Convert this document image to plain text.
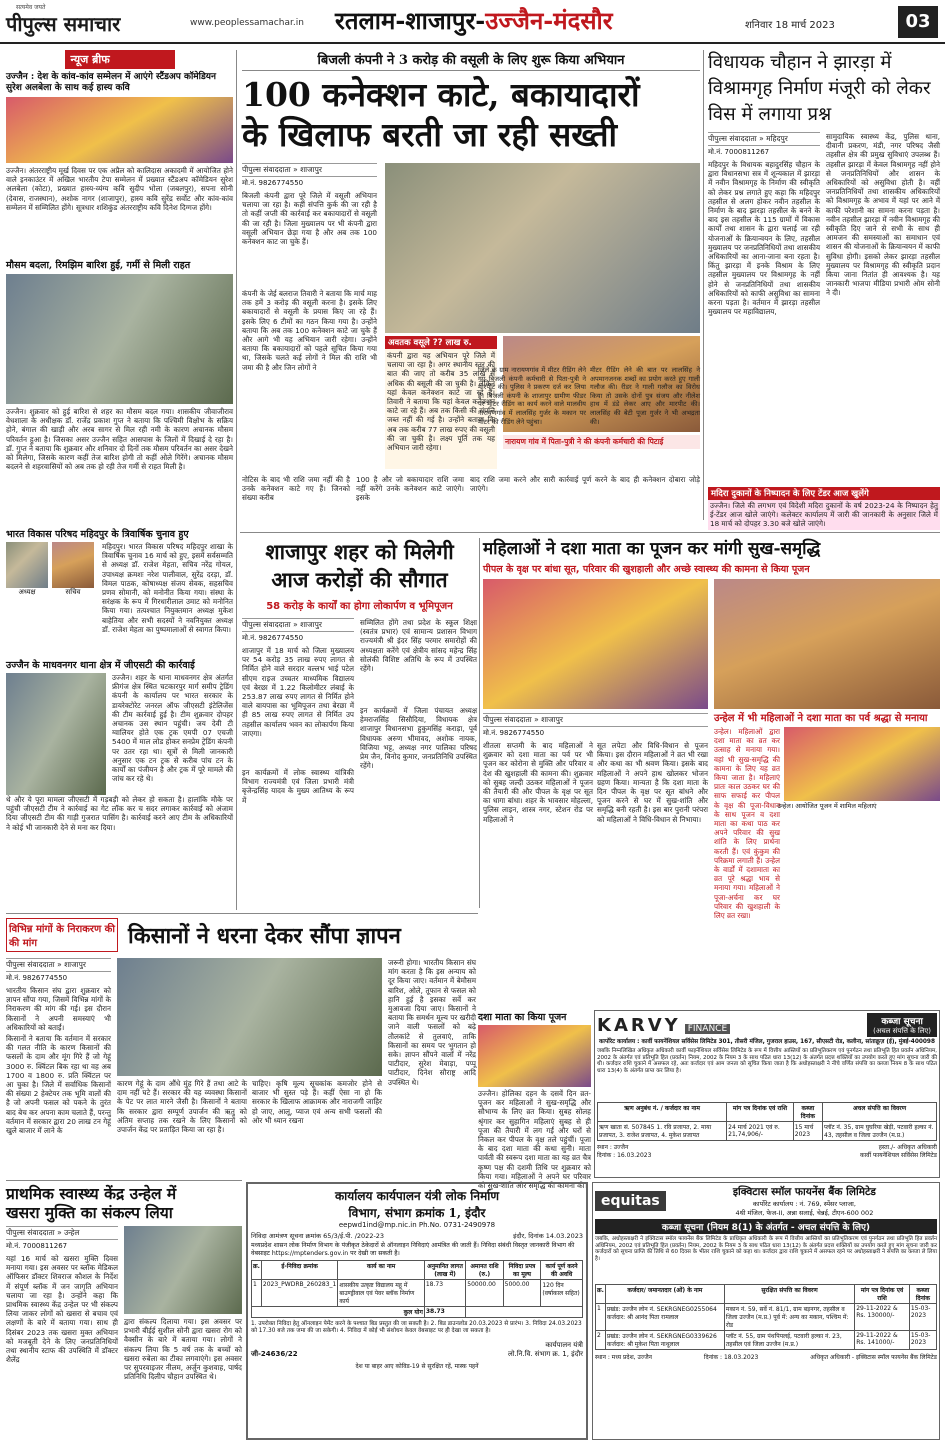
सत्यमेव जयते
पीपुल्स समाचार	www.peoplessamachar.in रतलाम-शाजापुर-उज्जैन-मंदसौर	शनिवार 18 मार्च 2023	03
न्यूज ब्रीफ
उज्जैन : देश के कांव-कांव सम्मेलन में आएंगे स्टैंडअप कॉमेडियन सुरेश अलबेला के साथ कई हास्य कवि
उज्जैन। अंतरराष्ट्रीय मूर्ख दिवस पर एक अप्रैल को कालिदास अकादमी में आयोजित होने वाले इनकाउंटर में अखिल भारतीय टेपा सम्मेलन में प्रख्यात स्टैंडअप कॉमेडियन सुरेश अलबेला (कोटा), प्रख्यात हास्य-व्यंग्य कवि सुदीप भोला (जबलपुर), सपना सोनी (देवास, राजस्थान), अशोक नागर (शाजापुर), हास्य कवि सुरेंद्र सर्वोट और कांव-कांव सम्मेलन में सम्मिलित होंगे। सूत्रधार शशिकुंड अंतरराष्ट्रीय कवि दिनेश दिग्गज होंगे।
मौसम बदला, रिमझिम बारिश हुई, गर्मी से मिली राहत
उज्जैन। शुक्रवार को हुई बारिश से शहर का मौसम बदल गया। शासकीय जीवाजीराव वेधशाला के अधीक्षक डॉ. राजेंद्र प्रकाश गुप्त ने बताया कि पश्चिमी विक्षोभ के सक्रिय होने, बंगाल की खाड़ी और अरब सागर से मिल रही नमी के कारण अचानक मौसम परिवर्तन हुआ है। जिसका असर उज्जैन सहित आसपास के जिलों में दिखाई दे रहा है। डॉ. गुप्त ने बताया कि शुक्रवार और शनिवार दो दिनों तक मौसम परिवर्तन का असर देखने को मिलेगा, जिसके कारण कहीं तेज बारिश होगी तो कहीं ओले गिरेंगे। अचानक मौसम बदलने से शहरवासियों को अब तक हो रही तेज गर्मी से राहत मिली है।
भारत विकास परिषद महिदपुर के त्रिवार्षिक चुनाव हुए
अध्यक्ष	सचिव
महिदपुर। भारत विकास परिषद महिदपुर शाखा के त्रिवार्षिक चुनाव 16 मार्च को हुए, इसमें सर्वसम्मति से अध्यक्ष डॉ. राजेश मेहता, सचिव नरेंद्र गोयल, उपाध्यक्ष क्रमशः नरेश पालीवाल, सुरेंद्र दरड़ा, डॉ. विमल पाठक, कोषाध्यक्ष संजय सेवक, सहसचिव प्रणव सोमानी, को मनोनीत किया गया। संस्था के सरंक्षक के रूप में गिरधारीलाल उमाट को मनोनित किया गया। तत्पश्चात नियुक्तमान अध्यक्ष मुकेश बाहेतिया और सभी सदस्यों ने नवनियुक्त अध्यक्ष डॉ. राजेश मेहता का पुष्पमालाओं से स्वागत किया।
उज्जैन के माधवनगर थाना क्षेत्र में जीएसटी की कार्रवाई
उज्जैन। शहर के थाना माधवनगर क्षेत्र अंतर्गत फ्रीगंज क्षेत्र स्थित चटकारपुर मार्ग समीप ट्रेडिंग कंपनी के कार्यालय पर भारत सरकार के डायरेक्टोरेट जनरल ऑफ जीएसटी इंटेलिजेंस की टीम कार्रवाई हुई है। टीम शुक्रवार दोपहर अचानक उस स्थान पहुंची। जय देवी टी ग्वालियर होते एक ट्रक एमपी 07 एचजी 5400 में माल लोड होकर सनप्रेम ट्रेडिंग कंपनी पर उतर रहा था। सूत्रों से मिली जानकारी अनुसार एक टन ट्रक से करीब पांच टन के कार्यों का पंजीयन है और ट्रक में पूरे मामले की जांच कर रहे थे।
थे और ये पूरा मामला जीएसटी में गड़बड़ी को लेकर हो सकता है। हालांकि मौके पर पहुंची जीएसटी टीम ने कार्रवाई का गेट लॉक कर च सदर लगाकर कार्रवाई को अंजाम दिया जीएसटी टीम की गाड़ी गुजरात पासिंग है। कार्रवाई करने आए टीम के अधिकारियों ने कोई भी जानकारी देने से मना कर दिया।
बिजली कंपनी ने 3 करोड़ की वसूली के लिए शुरू किया अभियान
100 कनेक्शन काटे, बकायादारों
के खिलाफ बरती जा रही सख्ती
पीपुल्स संवाददाता » शाजापुर
मो.नं. 9826774550
बिजली कंपनी द्वारा पूरे जिले में वसूली अभियान चलाया जा रहा है। कहीं संपत्ति कुर्क की जा रही है तो कहीं जप्ती की कार्रवाई कर बकायादारों से वसूली की जा रही है। जिला मुख्यालय पर भी कंपनी द्वारा वसूली अभियान छेड़ा गया है और अब तक 100 कनेक्शन काट जा चुके हैं।
कंपनी के जेई बलराज तिवारी ने बताया कि मार्च माह तक हमें 3 करोड़ की वसूली करना है। इसके लिए बकायादारों से वसूली के प्रयास किए जा रहे हैं। इसके लिए 6 टीमों का गठन किया गया है। उन्होंने बताया कि अब तक 100 कनेक्शन काटे जा चुके हैं और आगे भी यह अभियान जारी रहेगा। उन्होंने बताया कि बकायादारों को पहले सूचित किया गया था, जिसके चलते कई लोगों ने मिल की राशि भी जमा की है और जिन लोगों ने
अवतक वसूले ?? लाख रु.
कंपनी द्वारा यह अभियान पूरे जिले में चलाया जा रहा है। अगर स्थानीय स्तर की बात की जाए तो करीब 35 लाख से अधिक की बसूली की जा चुकी है। लेकिन यहां केवल कनेक्शन काटे जा रहे हैं। तिवारी ने बताया कि यहां केवल कनेक्शन काटे जा रहे हैं। अब तक किसी की संपत्ति जब्त नहीं की गई है। उन्होंने बताया कि अब तक करीब 77 लाख रुपए की वसूली की जा चुकी है। लक्ष्य पूर्ति तक यह अभियान जारी रहेगा।
नारायण गांव में पिता-पुत्री ने की कंपनी कर्मचारी की पिटाई
नोटिस के बाद भी राशि जमा नहीं की है उनके कनेक्शन काटे गए हैं। जिनको संख्या करीब
100 है और जो बकायादार राशि जमा नहीं करेंगे उनके कनेक्शन काटे जाएंगे। इसके
बाद राशि जमा करने और सारी कार्रवाई पूर्ण करने के बाद ही कनेक्शन दोबारा जोड़े जाएंगे।
जिले के ग्राम नारायणगांव में मीटर रीडिंग लेने गए बिजली कंपनी कर्मचारी से पिता-पुत्री ने मारपीट की। पुलिस ने प्रकरण दर्ज कर लिया है। बिजली कंपनी के शाजापुर ग्रामीण फीडर पर मीटर रीडिंग का कार्य करने वाले मालवीय नारायणगांव में लालसिंह गुर्जर के मकान पर मीटर की रीडिंग लेने पहुंचा।
मीटर रीडिंग लेने की बात पर लालसिंह ने अपमानजनक शब्दों का प्रयोग करते हुए गाली गलौज की। रीडर ने गाली गलौज का विरोध किया तो उसके दोनों पुत्र संजय और नीलेश हाथ में डंडे लेकर आए और मारपीट की। लालसिंह की बेटी पूजा गुर्जर ने भी अभद्रता की।
विधायक चौहान ने झारड़ा में विश्रामगृह निर्माण मंजूरी को लेकर विस में लगाया प्रश्न
पीपुल्स संवाददाता » महिदपुर
मो.नं. 7000811267
महिदपुर के विधायक बहादुरसिंह चौहान के द्वारा विधानसभा सत्र में शून्यकाल में झारड़ा में नवीन विश्रामगृह के निर्माण की स्वीकृति को लेकर प्रश्न लगाते हुए कहा कि महिदपुर तहसील से अलग होकर नवीन तहसील के निर्माण के बाद झारड़ा तहसील के बनने के बाद इस तहसील के 115 ग्रामों में विकास कार्यों तथा शासन के द्वारा चलाई जा रही योजनाओं के क्रियान्वयन के लिए, तहसील मुख्यालय पर जनप्रतिनिधियों तथा शासकीय अधिकारियों का आना-जाना बना रहता है। किंतु झारड़ा में इनके विश्राम के लिए तहसील मुख्यालय पर विश्रामगृह के नहीं होने से जनप्रतिनिधियों तथा शासकीय अधिकारियों को काफी असुविधा का सामना करना पड़ता है। वर्तमान में झारड़ा तहसील मुख्यालय पर महाविद्यालय,
सामुदायिक स्वास्थ्य केंद्र, पुलिस थाना, दीवानी प्रकरण, मंडी, नगर परिषद जैसी तहसील क्षेत्र की प्रमुख सुविधाएं उपलब्ध हैं। तहसील झारड़ा में केवल विश्रामगृह नहीं होने से जनप्रतिनिधियों और शासन के अधिकारियों को असुविधा होती है। वहीं जनप्रतिनिधियों तथा शासकीय अधिकारियों को विश्रामगृह के अभाव में यहां पर आने में काफी परेशानी का सामना करना पड़ता है। नवीन तहसील झारड़ा में नवीन विश्रामगृह की स्वीकृति दिए जाने से सभी के साथ ही आमजन की समस्याओं का समाधान एवं शासन की योजनाओं के क्रियान्वयन में काफी सुविधा होगी। इसको लेकर झारड़ा तहसील मुख्यालय पर विश्रामगृह की स्वीकृति प्रदान किया जाना नितांत ही आवश्यक है। यह जानकारी भाजपा मीडिया प्रभारी ओम सोनी ने दी।
मदिरा दुकानों के निष्पादन के लिए टेंडर आज खुलेंगे
उज्जैन। जिले की लगभग एवं विदेशी मदिरा दुकानों के वर्ष 2023-24 के निष्पादन हेतु ई-टेंडर आज खोले जाएंगे। कलेक्टर कार्यालय में जारी की जानकारी के अनुसार जिले में 18 मार्च को दोपहर 3.30 बजे खोले जाएंगे।
शाजापुर शहर को मिलेगी
आज करोड़ों की सौगात
58 करोड़ के कार्यों का होगा लोकार्पण व भूमिपूजन
पीपुल्स संवाददाता » शाजापुर
मो.नं. 9826774550
शाजापुर में 18 मार्च को जिला मुख्यालय पर 54 करोड़ 35 लाख रुपए लागत से निर्मित होने वाले सरदार वल्लभ भाई पटेल सीएम राइज उच्चतर माध्यमिक विद्यालय एवं बेरछा में 1.22 किलोमीटर लंबाई के 253.87 लाख रुपए लागत से निर्मित होने वाले बायपास का भूमिपूजन तथा बेरछा में ही 85 लाख रुपए लागत से निर्मित उप तहसील कार्यालय भवन का लोकार्पण किया जाएगा।
इन कार्यक्रमों में लोक स्वास्थ्य यांत्रिकी विभाग राज्यमंत्री एवं जिला प्रभारी मंत्री बृजेन्द्रसिंह यादव के मुख्य आतिथ्य के रूप में
सम्मिलित होंगे तथा प्रदेश के स्कूल शिक्षा (स्वतंत्र प्रभार) एवं सामान्य प्रशासन विभाग राज्यमंत्री श्री इंदर सिंह परमार समारोहों की अध्यक्षता करेंगे एवं क्षेत्रीय सांसद महेन्द्र सिंह सोलंकी विशिष्ट अतिथि के रूप में उपस्थित रहेंगे।
इन कार्यक्रमों में जिला पंचायत अध्यक्ष हेमराजसिंह सिसौदिया, विधायक क्षेत्र शाजापुर विधानसभा हुकुमसिंह कराड़ा, पूर्व विधायक अरुण भीमावद, अशोक नायक, विजिया भट्ट, अध्यक्ष नगर पालिका परिषद प्रेम जैन, विनोद कुमार, जनप्रतिनिधि उपस्थित रहेंगे।
महिलाओं ने दशा माता का पूजन कर मांगी सुख-समृद्धि
पीपल के वृक्ष पर बांधा सूत, परिवार की खुशहाली और अच्छे स्वास्थ्य की कामना से किया पूजन
पीपुल्स संवाददाता » शाजापुर
मो.नं. 9826774550
शीतला सप्तमी के बाद महिलाओं ने शुक्रवार को दशा माता का पर्व पर भी पूजन कर कोरोना से मुक्ति और परिवार व देश की खुशहाली की कामना की। शुक्रवार को सुबह जल्दी उठकर महिलाओं ने पूजन की तैयारी की और पीपल के वृक्ष पर सूत का धागा बांधा। शहर के भावसार मोहल्ला, पुलिस लाइन, शास्त्र नगर, स्टेशन रोड पर महिलाओं ने
सूत लपेटा और विधि-विधान से पूजन किया। इस दौरान महिलाओं ने व्रत भी रखा और कथा का भी श्रवण किया। इसके बाद महिलाओं ने अपने हाथ खोलकर भोजन ग्रहण किया। मान्यता है कि दशा माता के दिन पीपल के वृक्ष पर सूत बांधने और पूजन करने से घर में सुख-शांति और समृद्धि बनी रहती है। इस बार पुरानी परंपरा को महिलाओं ने विधि-विधान से निभाया।
उन्हेल में भी महिलाओं ने दशा माता का पर्व श्रद्धा से मनाया
उन्हेल। महिलाओं द्वारा दशा माता का व्रत कर उत्साह से मनाया गया। वहां भी सुख-समृद्धि की कामना के लिए यह व्रत किया जाता है। महिलाएं प्रातः काल उठकर घर की साफ सफाई कर पीपल के वृक्ष की पूजा-विधान के साथ पूजन व दशा माता का कथा पाठ कर अपने परिवार की सुख शांति के लिए प्रार्थना करती हैं। एवं कुंकुम की परिक्रमा लगाती हैं। उन्हेल के वार्डों में दशामाता का व्रत पूरे श्रद्धा भाव से मनाया गया। महिलाओं ने पूजा-अर्चना कर घर परिवार की खुशहाली के लिए व्रत रखा।
उन्हेल। आयोजित पूजन में शामिल महिलाएं
विभिन्न मांगों के निराकरण की की मांग	किसानों ने धरना देकर सौंपा ज्ञापन
पीपुल्स संवाददाता » शाजापुर
मो.नं. 9826774550
भारतीय किसान संघ द्वारा शुक्रवार को ज्ञापन सौंपा गया, जिसमें विभिन्न मांगों के निराकरण की मांग की गई। इस दौरान किसानों ने अपनी समस्याएं भी अधिकारियों को बताईं।
किसानों ने बताया कि वर्तमान में सरकार की गलत नीति के कारण किसानों की फसलों के दाम और मूंग गिरे हैं जो गेहूं 3000 रु. क्विंटल बिक रहा था वह अब 1700 व 1800 रु. प्रति क्विंटल पर आ चुका है। जिले में सर्वाधिक किसानों की संख्या 2 हेक्टेयर तक भूमि वालों की है जो अपनी फसल को पकने के तुरंत बाद बेच कर अपना काम चलाते हैं, परन्तु वर्तमान में सरकार द्वारा 20 लाख टन गेहूं खुले बाजार में लाने के
कारण गेहूं के दाम औंधे मुंह गिरे हैं तथा आटे के दाम नहीं घटे हैं। सरकार की यह व्यवस्था किसानों के पेट पर लात मारने जैसी है। किसानों ने बताया कि सरकार द्वारा सम्पूर्ण उपार्जन की ऋतु को अंतिम सप्ताह तक रखने के लिए किसानों को उपार्जन केंद्र पर प्रताड़ित किया जा रहा है।
चाहिए। कृषि मूल्य सूचकांक कमजोर होने से बाजार भी सुस्त पड़े हैं। कहीं ऐसा ना हो कि सरकार के खिलाफ आक्रामक और नाराजगी जाहिर हो जाए, आलू, प्याज एवं अन्य सभी फसलों की ओर भी ध्यान रखना
जरूरी होगा। भारतीय किसान संघ मांग करता है कि इस अन्याय को दूर किया जाए। वर्तमान में बेमौसम बारिश, ओले, तूफान से फसल को हानि हुई है इसका सर्वे कर मुआवजा दिया जाए। किसानों ने बताया कि समर्थन मूल्य पर खरीदी जाने वाली फसलों को बढ़े तौलकांटे से तुलवाएं, ताकि किसानों का समय पर भुगतान हो सके। ज्ञापन सौंपने वालों में नरेंद्र पाटीदार, सुरेश मेवाड़ा, पप्पू पाटीदार, दिनेश सौराष्ट्र आदि उपस्थित थे।
दशा माता का किया पूजन
उज्जैन। होलिका दहन के दसवें दिन व्रत-पूजन कर महिलाओं ने सुख-समृद्धि और सौभाग्य के लिए व्रत किया। सुबह सोलह श्रृंगार कर सुहागिन महिलाएं सुबह से ही पूजा की तैयारी में लग गईं और घरों से निकल कर पीपल के वृक्ष तले पहुंचीं। पूजा के बाद दशा माता की कथा सुनी। माता पार्वती की स्वरूप दशा माता का यह व्रत चैत्र कृष्ण पक्ष की दशमी तिथि पर शुक्रवार को किया गया। महिलाओं ने अपने घर परिवार को सुख-शांति और समृद्धि की कामना की।
KARVY FINANCE
कब्जा सूचना
(अचल संपत्ति के लिए)
कार्पोरेट कार्यालय : कार्वी फायनेंशियल सर्विसेस लिमिटेड 301, तीसरी मंजिल, गुजराल हाउस, 167, सीएसटी रोड, कलीना, सांताक्रूज़ (ई), मुंबई-400098
जबकि निम्नलिखित अधिकृत अधिकारी कार्वी फाइनेंशियल सर्विसेस लिमिटेड के रूप में वित्तीय आस्तियों का प्रतिभूतिकरण एवं पुनर्गठन तथा प्रतिभूति हित प्रवर्तन अधिनियम, 2002 के अंतर्गत एवं प्रतिभूति हित (प्रवर्तन) नियम, 2002 के नियम 3 के साथ पठित धारा 13(12) के अंतर्गत प्रदत्त शक्तियों का उपयोग करते हुए मांग सूचना जारी की थी। कर्जदार राशि चुकाने में असफल रहे, अतः कर्जदार एवं आम जनता को सूचित किया जाता है कि अधोहस्ताक्षरी ने नीचे वर्णित संपत्ति का कब्जा नियम 8 के साथ पठित धारा 13(4) के अंतर्गत प्राप्त कर लिया है।
ऋण अनुबंध नं. / कर्जदार का नाम	मांग पत्र दिनांक एवं राशि	कब्जा दिनांक	अचल संपत्ति का विवरण
ऋण खाता सं. 507845 1. रवि प्रजापत, 2. माया प्रजापत, 3. राजेश प्रजापत, 4. मुकेश प्रजापत	24 मार्च 2021 एवं रु. 21,74,906/-	15 मार्च 2023	प्लॉट नं. 35, ग्राम घुघरिया खेड़ी, पटवारी हल्का नं. 43, तहसील व जिला उज्जैन (म.प्र.)
स्थान : उज्जैन
दिनांक : 16.03.2023
हस्ता./- अधिकृत अधिकारी
कार्वी फायनेंशियल सर्विसेस लिमिटेड
प्राथमिक स्वास्थ्य केंद्र उन्हेल में
खसरा मुक्ति का संकल्प लिया
पीपुल्स संवाददाता » उन्हेल
मो.नं. 7000811267
यहां 16 मार्च को खसरा मुक्ति दिवस मनाया गया। इस अवसर पर ब्लॉक मेडिकल ऑफिसर डॉक्टर शिवराज कौशल के निर्देश में संपूर्ण ब्लॉक में जन जागृति अभियान चलाया जा रहा है। उन्होंने कहा कि प्राथमिक स्वास्थ्य केंद्र उन्हेल पर भी संकल्प लिया जाकर लोगों को खसरा से बचाव एवं लक्षणों के बारे में बताया गया। साथ ही दिसंबर 2023 तक खसरा मुक्त अभियान को मजबूती देने के लिए जनप्रतिनिधियों तथा स्थानीय स्टाफ की उपस्थिति में डॉक्टर शैलेंद्र
द्वारा संकल्प दिलाया गया। इस अवसर पर प्रभारी बीईई सुशील सोनी द्वारा खसरा रोग को वैक्सीन के बारे में बताया गया। लोगों ने संकल्प लिया कि 5 वर्ष तक के बच्चों को खसरा रुबेला का टीका लगवाएंगे। इस अवसर पर सुपरवाइजर नीलम, अर्जुन कुशवाह, पार्षद प्रतिनिधि दिलीप चौहान उपस्थित थे।
कार्यालय कार्यपालन यंत्री लोक निर्माण
विभाग, संभाग क्रमांक 1, इंदौर
eepwd1ind@mp.nic.in Ph.No. 0731-2490978
निविदा आमंत्रण सूचना क्रमांक 65/3/ई.पी. /2022-23	इंदौर, दिनांक 14.03.2023
मध्यप्रदेश शासन लोक निर्माण विभाग के पंजीकृत ठेकेदारों से ऑनलाइन निविदाएं आमंत्रित की जाती हैं। निविदा संबंधी विस्तृत जानकारी विभाग की वेबसाइट https://mptenders.gov.in पर देखी जा सकती है।
क्र.	ई-निविदा क्रमांक	कार्य का नाम	अनुमानित लागत (लाख में)	अमानत राशि (रु.)	निविदा प्रपत्र का मूल्य	कार्य पूर्ण करने की अवधि
1	2023_PWDRB_260283_1	शासकीय उत्कृष्ट विद्यालय महू में बाउण्ड्रीवाल एवं पेवर ब्लॉक निर्माण कार्य	18.73	50000.00	5000.00	120 दिन (वर्षाकाल सहित)
कुल योग			38.73			
1. उपरोक्त निविदा हेतु ऑनलाइन पेमेंट करने के पश्चात बिड प्रस्तुत की जा सकती है। 2. बिड डाउनलोड 20.03.2023 से प्रारंभ। 3. निविदा 24.03.2023 को 17.30 बजे तक जमा की जा सकेगी। 4. निविदा में कोई भी संशोधन केवल वेबसाइट पर ही देखा जा सकता है।
जी-24636/22
कार्यपालन यंत्री
लो.नि.वि. संभाग क्र. 1, इंदौर
देश या बाहर आए कोविड-19 से सुरक्षित रहें, मास्क पहनें
equitas
इक्विटास स्मॉल फायनेंस बैंक लिमिटेड
कार्पोरेट कार्यालय : नं. 769, स्पेंसर प्लाजा,
4थी मंजिल, फेज-II, अन्ना सलाई, चेन्नई, टीएन-600 002
कब्जा सूचना (नियम 8(1) के अंतर्गत - अचल संपत्ति के लिए)
जबकि, अधोहस्ताक्षरी ने इक्विटास स्मॉल फायनेंस बैंक लिमिटेड के प्राधिकृत अधिकारी के रूप में वित्तीय आस्तियों का प्रतिभूतिकरण एवं पुनर्गठन तथा प्रतिभूति हित प्रवर्तन अधिनियम, 2002 एवं प्रतिभूति हित (प्रवर्तन) नियम, 2002 के नियम 3 के साथ पठित धारा 13(12) के अंतर्गत प्रदत्त शक्तियों का उपयोग करते हुए मांग सूचना जारी कर कर्जदारों को सूचना प्राप्ति की तिथि से 60 दिवस के भीतर राशि चुकाने को कहा था। कर्जदार द्वारा राशि चुकाने में असफल रहने पर अधोहस्ताक्षरी ने संपत्ति का कब्जा ले लिया है।
क्र.	कर्जदार/ जमानतदार (ओं) के नाम	सुरक्षित संपत्ति का विवरण	मांग पत्र दिनांक एवं राशि	कब्जा दिनांक
1	प्रखंड: उज्जैन लोन नं. SEKRGNEG0255064 कर्जदार: श्री आनंद पिता रामलाल	मकान नं. 59, सर्वे नं. 81/1, ग्राम बड़नगर, तहसील व जिला उज्जैन (म.प्र.) पूर्व में: अन्य का मकान, पश्चिम में: रोड	29-11-2022 & Rs. 130000/-	15-03-2023
2	प्रखंड: उज्जैन लोन नं. SEKRGNEG0339626 कर्जदार: श्री मुकेश पिता नाथूलाल	प्लॉट नं. 55, ग्राम पंथपिपलई, पटवारी हल्का नं. 23, तहसील एवं जिला उज्जैन (म.प्र.)	29-11-2022 & Rs. 141000/-	15-03-2023
स्थान : मध्य प्रदेश, उज्जैन	दिनांक : 18.03.2023	अधिकृत अधिकारी - इक्विटास स्मॉल फायनेंस बैंक लिमिटेड
